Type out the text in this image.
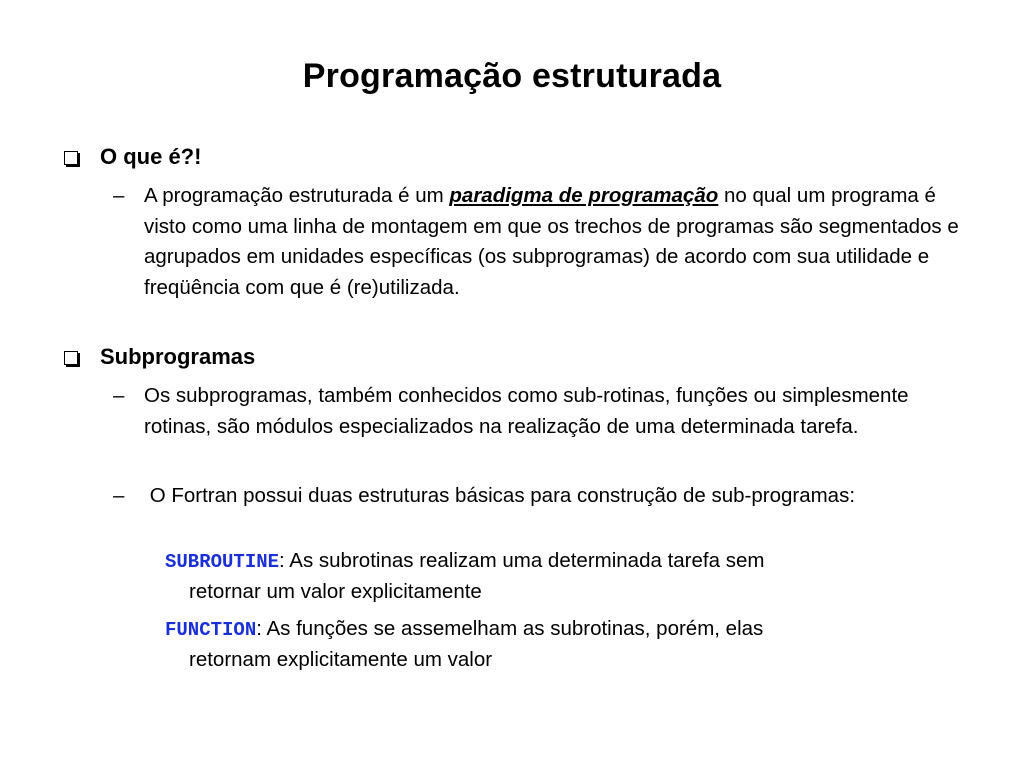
Programação estruturada
O que é?!
– A programação estruturada é um paradigma de programação no qual um programa é visto como uma linha de montagem em que os trechos de programas são segmentados e agrupados em unidades específicas (os subprogramas) de acordo com sua utilidade e freqüência com que é (re)utilizada.
Subprogramas
– Os subprogramas, também conhecidos como sub-rotinas, funções ou simplesmente rotinas, são módulos especializados na realização de uma determinada tarefa.
– O Fortran possui duas estruturas básicas para construção de sub-programas:
SUBROUTINE: As subrotinas realizam uma determinada tarefa sem
retornar um valor explicitamente
FUNCTION: As funções se assemelham as subrotinas, porém, elas
retornam explicitamente um valor
